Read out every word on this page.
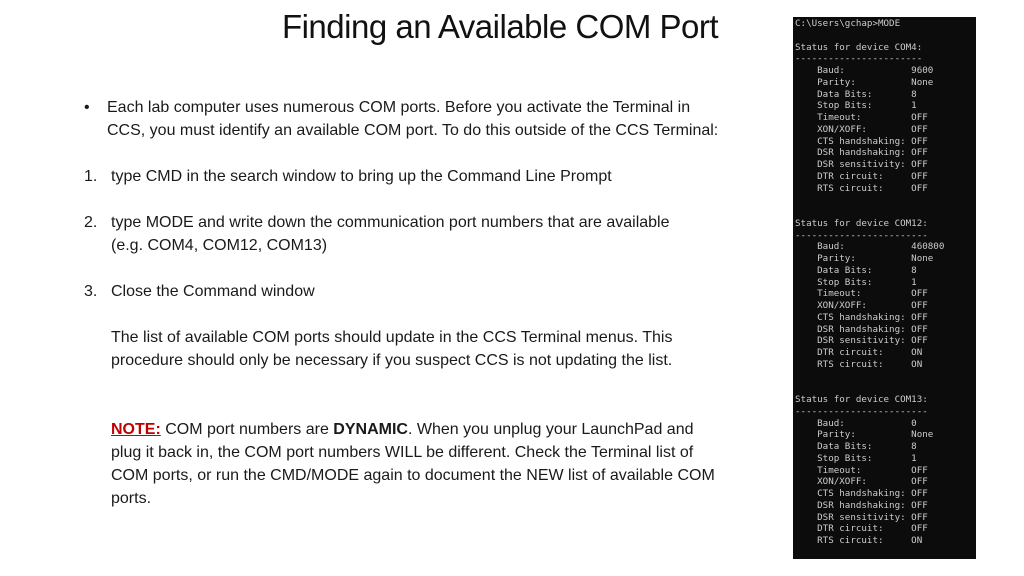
Finding an Available COM Port
• Each lab computer uses numerous COM ports. Before you activate the Terminal in
CCS, you must identify an available COM port. To do this outside of the CCS Terminal:
1. type CMD in the search window to bring up the Command Line Prompt
2. type MODE and write down the communication port numbers that are available
(e.g. COM4, COM12, COM13)
3. Close the Command window
The list of available COM ports should update in the CCS Terminal menus. This
procedure should only be necessary if you suspect CCS is not updating the list.
NOTE: COM port numbers are DYNAMIC. When you unplug your LaunchPad and
plug it back in, the COM port numbers WILL be different. Check the Terminal list of
COM ports, or run the CMD/MODE again to document the NEW list of available COM
ports.
C:\Users\gchap>MODE
Status for device COM4:
-----------------------
Baud:            9600
Parity:          None
Data Bits:       8
Stop Bits:       1
Timeout:         OFF
XON/XOFF:        OFF
CTS handshaking: OFF
DSR handshaking: OFF
DSR sensitivity: OFF
DTR circuit:     OFF
RTS circuit:     OFF
Status for device COM12:
------------------------
Baud:            460800
Parity:          None
Data Bits:       8
Stop Bits:       1
Timeout:         OFF
XON/XOFF:        OFF
CTS handshaking: OFF
DSR handshaking: OFF
DSR sensitivity: OFF
DTR circuit:     ON
RTS circuit:     ON
Status for device COM13:
------------------------
Baud:            0
Parity:          None
Data Bits:       8
Stop Bits:       1
Timeout:         OFF
XON/XOFF:        OFF
CTS handshaking: OFF
DSR handshaking: OFF
DSR sensitivity: OFF
DTR circuit:     OFF
RTS circuit:     ON
